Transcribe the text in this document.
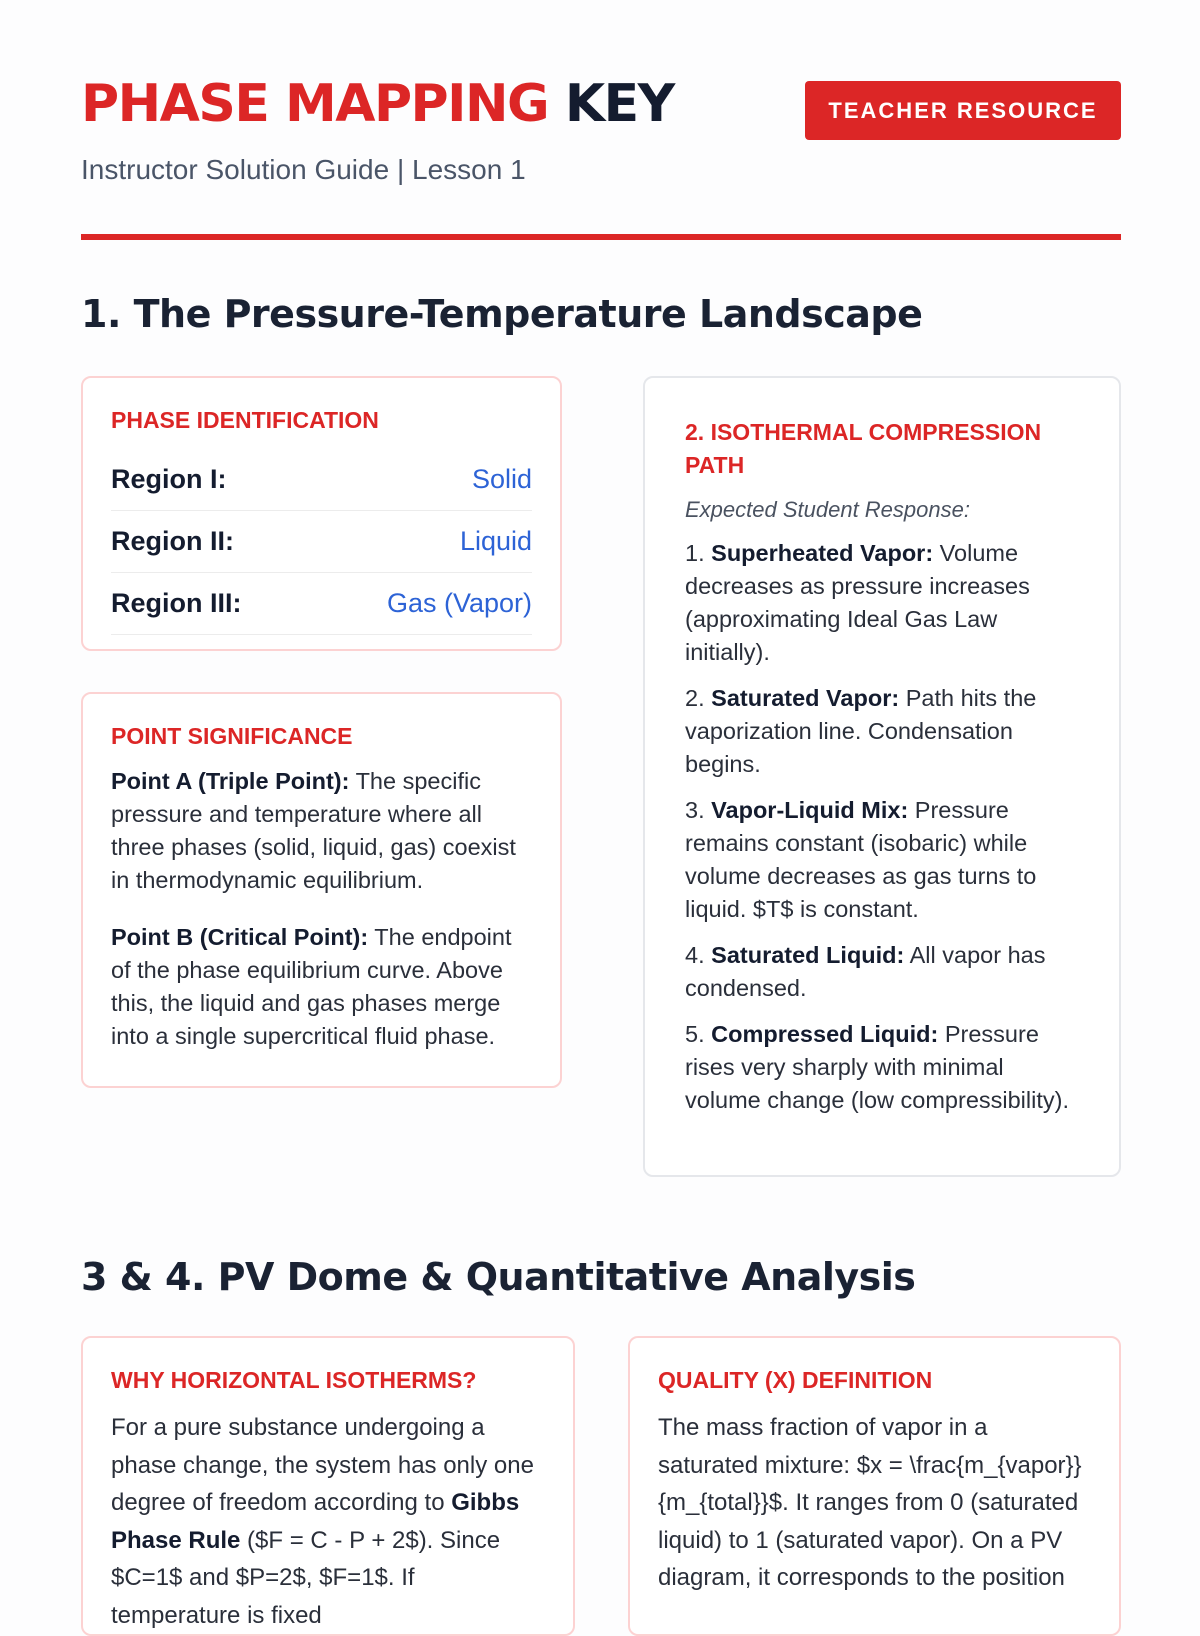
PHASE MAPPING KEY
Instructor Solution Guide | Lesson 1
TEACHER RESOURCE
1. The Pressure-Temperature Landscape
PHASE IDENTIFICATION
Region I:	Solid
Region II:	Liquid
Region III:	Gas (Vapor)
POINT SIGNIFICANCE

Point A (Triple Point): The specific pressure and temperature where all three phases (solid, liquid, gas) coexist in thermodynamic equilibrium.

Point B (Critical Point): The endpoint of the phase equilibrium curve. Above this, the liquid and gas phases merge into a single supercritical fluid phase.

2. ISOTHERMAL COMPRESSION PATH

Expected Student Response:

1. Superheated Vapor: Volume decreases as pressure increases (approximating Ideal Gas Law initially).

2. Saturated Vapor: Path hits the vaporization line. Condensation begins.

3. Vapor-Liquid Mix: Pressure remains constant (isobaric) while volume decreases as gas turns to liquid. $T$ is constant.

4. Saturated Liquid: All vapor has condensed.

5. Compressed Liquid: Pressure rises very sharply with minimal volume change (low compressibility).

3 & 4. PV Dome & Quantitative Analysis
WHY HORIZONTAL ISOTHERMS?

For a pure substance undergoing a phase change, the system has only one degree of freedom according to Gibbs Phase Rule ($F = C - P + 2$). Since $C=1$ and $P=2$, $F=1$. If temperature is fixed

QUALITY (X) DEFINITION

The mass fraction of vapor in a saturated mixture: $x = \frac{m_{vapor}}{m_{total}}$. It ranges from 0 (saturated liquid) to 1 (saturated vapor). On a PV diagram, it corresponds to the position
